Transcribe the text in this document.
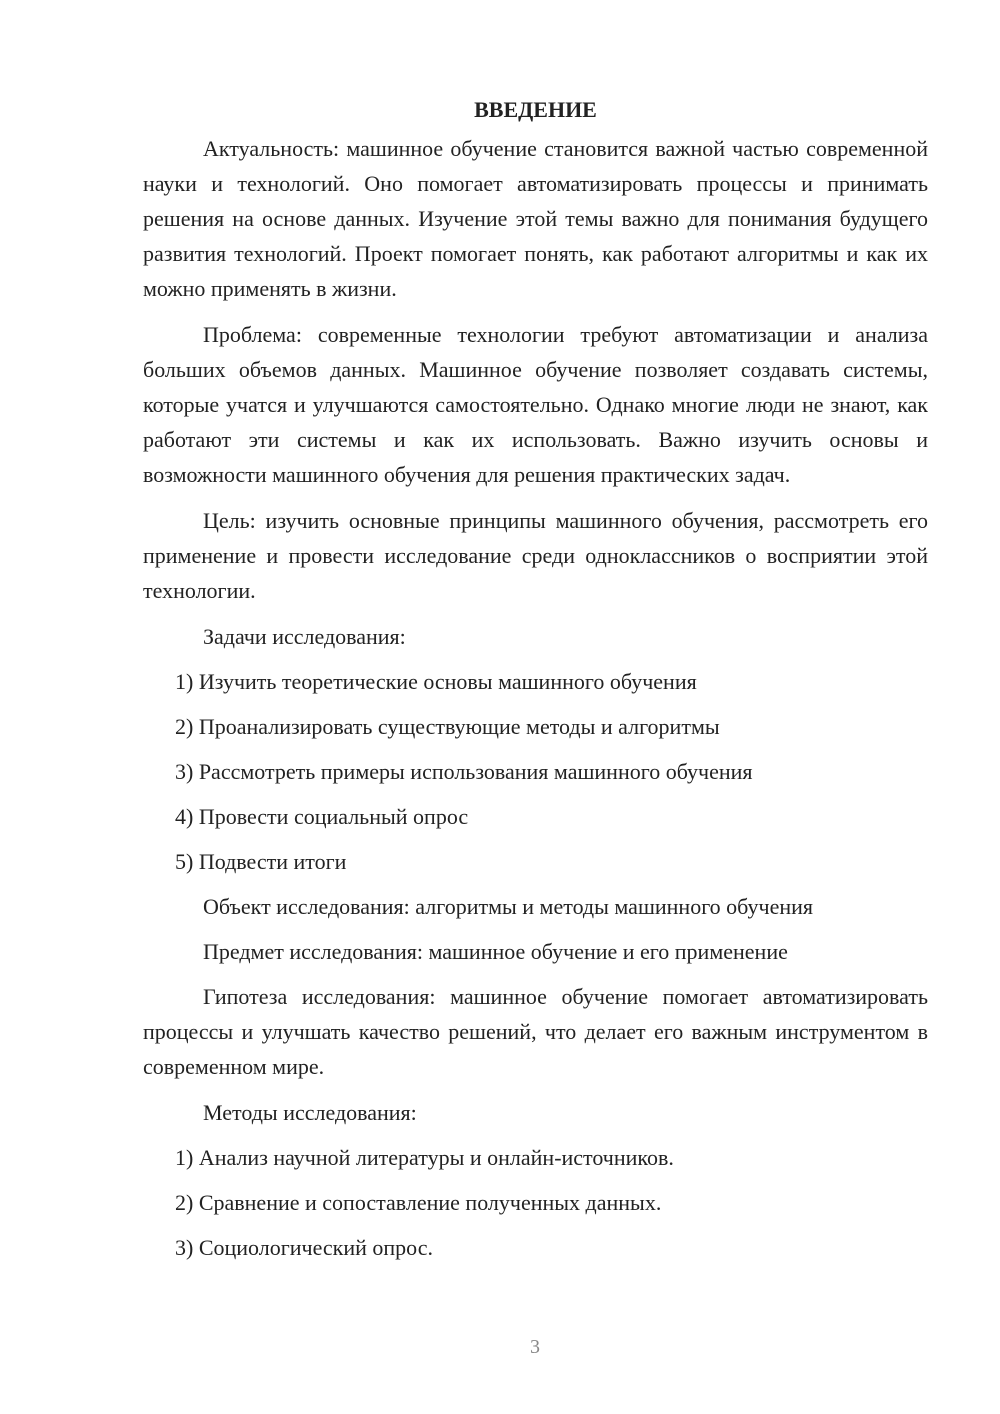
ВВЕДЕНИЕ

Актуальность: машинное обучение становится важной частью современной науки и технологий. Оно помогает автоматизировать процессы и принимать решения на основе данных. Изучение этой темы важно для понимания будущего развития технологий. Проект помогает понять, как работают алгоритмы и как их можно применять в жизни.

Проблема: современные технологии требуют автоматизации и анализа больших объемов данных. Машинное обучение позволяет создавать системы, которые учатся и улучшаются самостоятельно. Однако многие люди не знают, как работают эти системы и как их использовать. Важно изучить основы и возможности машинного обучения для решения практических задач.

Цель: изучить основные принципы машинного обучения, рассмотреть его применение и провести исследование среди одноклассников о восприятии этой технологии.

Задачи исследования:
1) Изучить теоретические основы машинного обучения
2) Проанализировать существующие методы и алгоритмы
3) Рассмотреть примеры использования машинного обучения
4) Провести социальный опрос
5) Подвести итоги
Объект исследования: алгоритмы и методы машинного обучения
Предмет исследования: машинное обучение и его применение

Гипотеза исследования: машинное обучение помогает автоматизировать процессы и улучшать качество решений, что делает его важным инструментом в современном мире.

Методы исследования:
1) Анализ научной литературы и онлайн-источников.
2) Сравнение и сопоставление полученных данных.
3) Социологический опрос.
3
